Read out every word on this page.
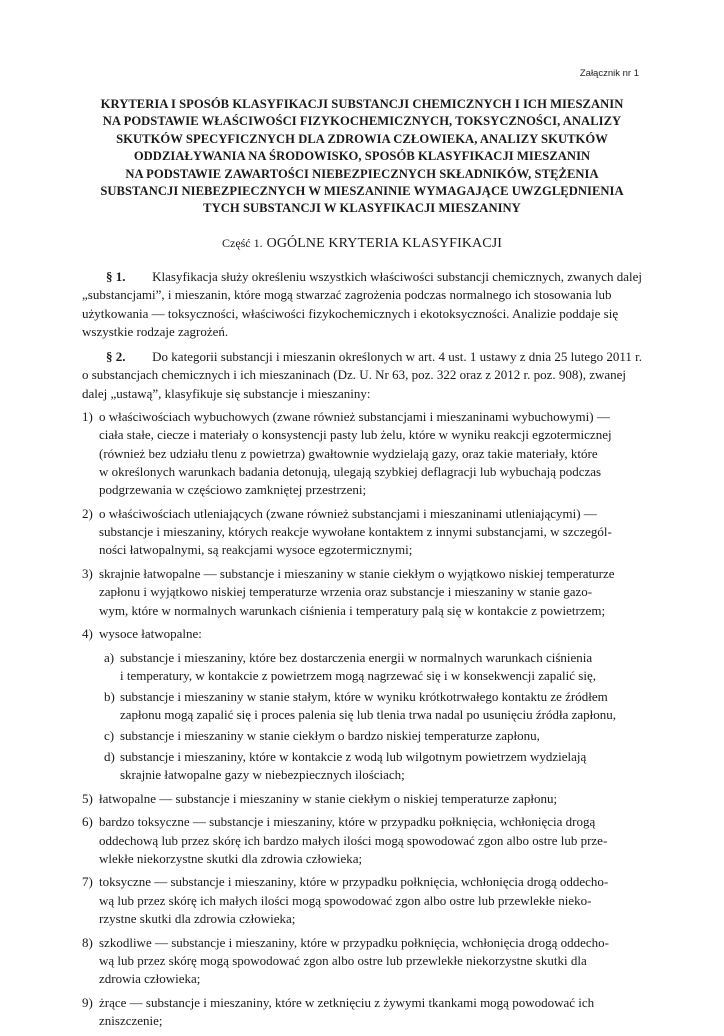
Załącznik nr 1
KRYTERIA I SPOSÓB KLASYFIKACJI SUBSTANCJI CHEMICZNYCH I ICH MIESZANIN
NA PODSTAWIE WŁAŚCIWOŚCI FIZYKOCHEMICZNYCH, TOKSYCZNOŚCI, ANALIZY
SKUTKÓW SPECYFICZNYCH DLA ZDROWIA CZŁOWIEKA, ANALIZY SKUTKÓW
ODDZIAŁYWANIA NA ŚRODOWISKO, SPOSÓB KLASYFIKACJI MIESZANIN
NA PODSTAWIE ZAWARTOŚCI NIEBEZPIECZNYCH SKŁADNIKÓW, STĘŻENIA
SUBSTANCJI NIEBEZPIECZNYCH W MIESZANINIE WYMAGAJĄCE UWZGLĘDNIENIA
TYCH SUBSTANCJI W KLASYFIKACJI MIESZANINY
Część 1. OGÓLNE KRYTERIA KLASYFIKACJI
§ 1. Klasyfikacja służy określeniu wszystkich właściwości substancji chemicznych, zwanych dalej
„substancjami”, i mieszanin, które mogą stwarzać zagrożenia podczas normalnego ich stosowania lub
użytkowania — toksyczności, właściwości fizykochemicznych i ekotoksyczności. Analizie poddaje się
wszystkie rodzaje zagrożeń.
§ 2. Do kategorii substancji i mieszanin określonych w art. 4 ust. 1 ustawy z dnia 25 lutego 2011 r.
o substancjach chemicznych i ich mieszaninach (Dz. U. Nr 63, poz. 322 oraz z 2012 r. poz. 908), zwanej
dalej „ustawą”, klasyfikuje się substancje i mieszaniny:
1) o właściwościach wybuchowych (zwane również substancjami i mieszaninami wybuchowymi) —
ciała stałe, ciecze i materiały o konsystencji pasty lub żelu, które w wyniku reakcji egzotermicznej
(również bez udziału tlenu z powietrza) gwałtownie wydzielają gazy, oraz takie materiały, które
w określonych warunkach badania detonują, ulegają szybkiej deflagracji lub wybuchają podczas
podgrzewania w częściowo zamkniętej przestrzeni;
2) o właściwościach utleniających (zwane również substancjami i mieszaninami utleniającymi) —
substancje i mieszaniny, których reakcje wywołane kontaktem z innymi substancjami, w szczegól-
ności łatwopalnymi, są reakcjami wysoce egzotermicznymi;
3) skrajnie łatwopalne — substancje i mieszaniny w stanie ciekłym o wyjątkowo niskiej temperaturze
zapłonu i wyjątkowo niskiej temperaturze wrzenia oraz substancje i mieszaniny w stanie gazo-
wym, które w normalnych warunkach ciśnienia i temperatury palą się w kontakcie z powietrzem;
4) wysoce łatwopalne:
a) substancje i mieszaniny, które bez dostarczenia energii w normalnych warunkach ciśnienia
i temperatury, w kontakcie z powietrzem mogą nagrzewać się i w konsekwencji zapalić się,
b) substancje i mieszaniny w stanie stałym, które w wyniku krótkotrwałego kontaktu ze źródłem
zapłonu mogą zapalić się i proces palenia się lub tlenia trwa nadal po usunięciu źródła zapłonu,
c) substancje i mieszaniny w stanie ciekłym o bardzo niskiej temperaturze zapłonu,
d) substancje i mieszaniny, które w kontakcie z wodą lub wilgotnym powietrzem wydzielają
skrajnie łatwopalne gazy w niebezpiecznych ilościach;
5) łatwopalne — substancje i mieszaniny w stanie ciekłym o niskiej temperaturze zapłonu;
6) bardzo toksyczne — substancje i mieszaniny, które w przypadku połknięcia, wchłonięcia drogą
oddechową lub przez skórę ich bardzo małych ilości mogą spowodować zgon albo ostre lub prze-
wlekłe niekorzystne skutki dla zdrowia człowieka;
7) toksyczne — substancje i mieszaniny, które w przypadku połknięcia, wchłonięcia drogą oddecho-
wą lub przez skórę ich małych ilości mogą spowodować zgon albo ostre lub przewlekłe nieko-
rzystne skutki dla zdrowia człowieka;
8) szkodliwe — substancje i mieszaniny, które w przypadku połknięcia, wchłonięcia drogą oddecho-
wą lub przez skórę mogą spowodować zgon albo ostre lub przewlekłe niekorzystne skutki dla
zdrowia człowieka;
9) żrące — substancje i mieszaniny, które w zetknięciu z żywymi tkankami mogą powodować ich
zniszczenie;
